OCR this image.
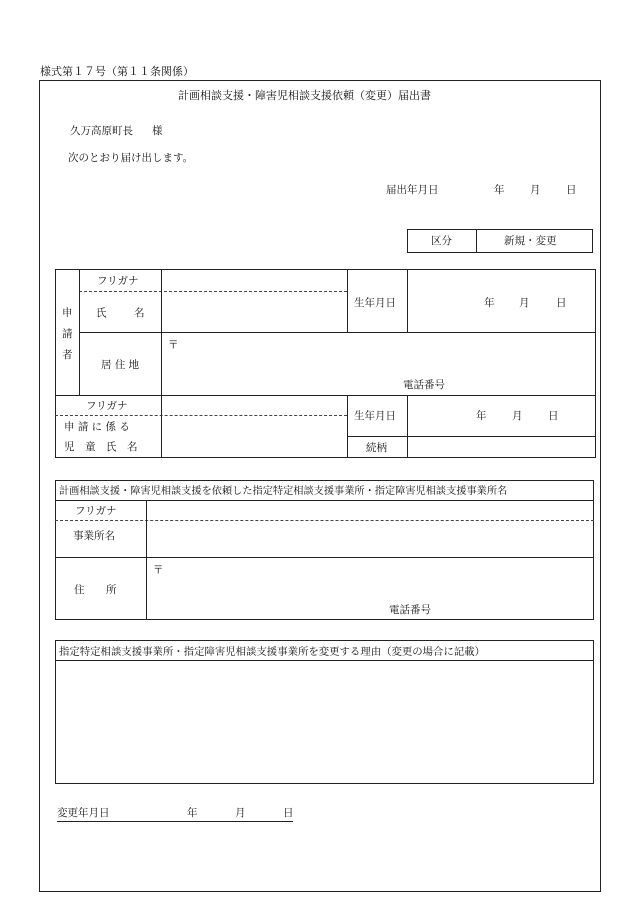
様式第１７号（第１１条関係）
計画相談支援・障害児相談支援依頼（変更）届出書
久万高原町長 様
次のとおり届け出します。
届出年月日	年 月 日
区分	新規・変更
申
請
者
フリガナ
氏	名
生年月日	年 月	日
居 住 地
〒
電話番号
フリガナ
申 請 に 係 る
児　童　氏　名
生年月日	年 月 日
続柄
計画相談支援・障害児相談支援を依頼した指定特定相談支援事業所・指定障害児相談支援事業所名
フリガナ
事業所名
住 所
〒
電話番号
指定特定相談支援事業所・指定障害児相談支援事業所を変更する理由（変更の場合に記載）
変更年月日	年	月	日
